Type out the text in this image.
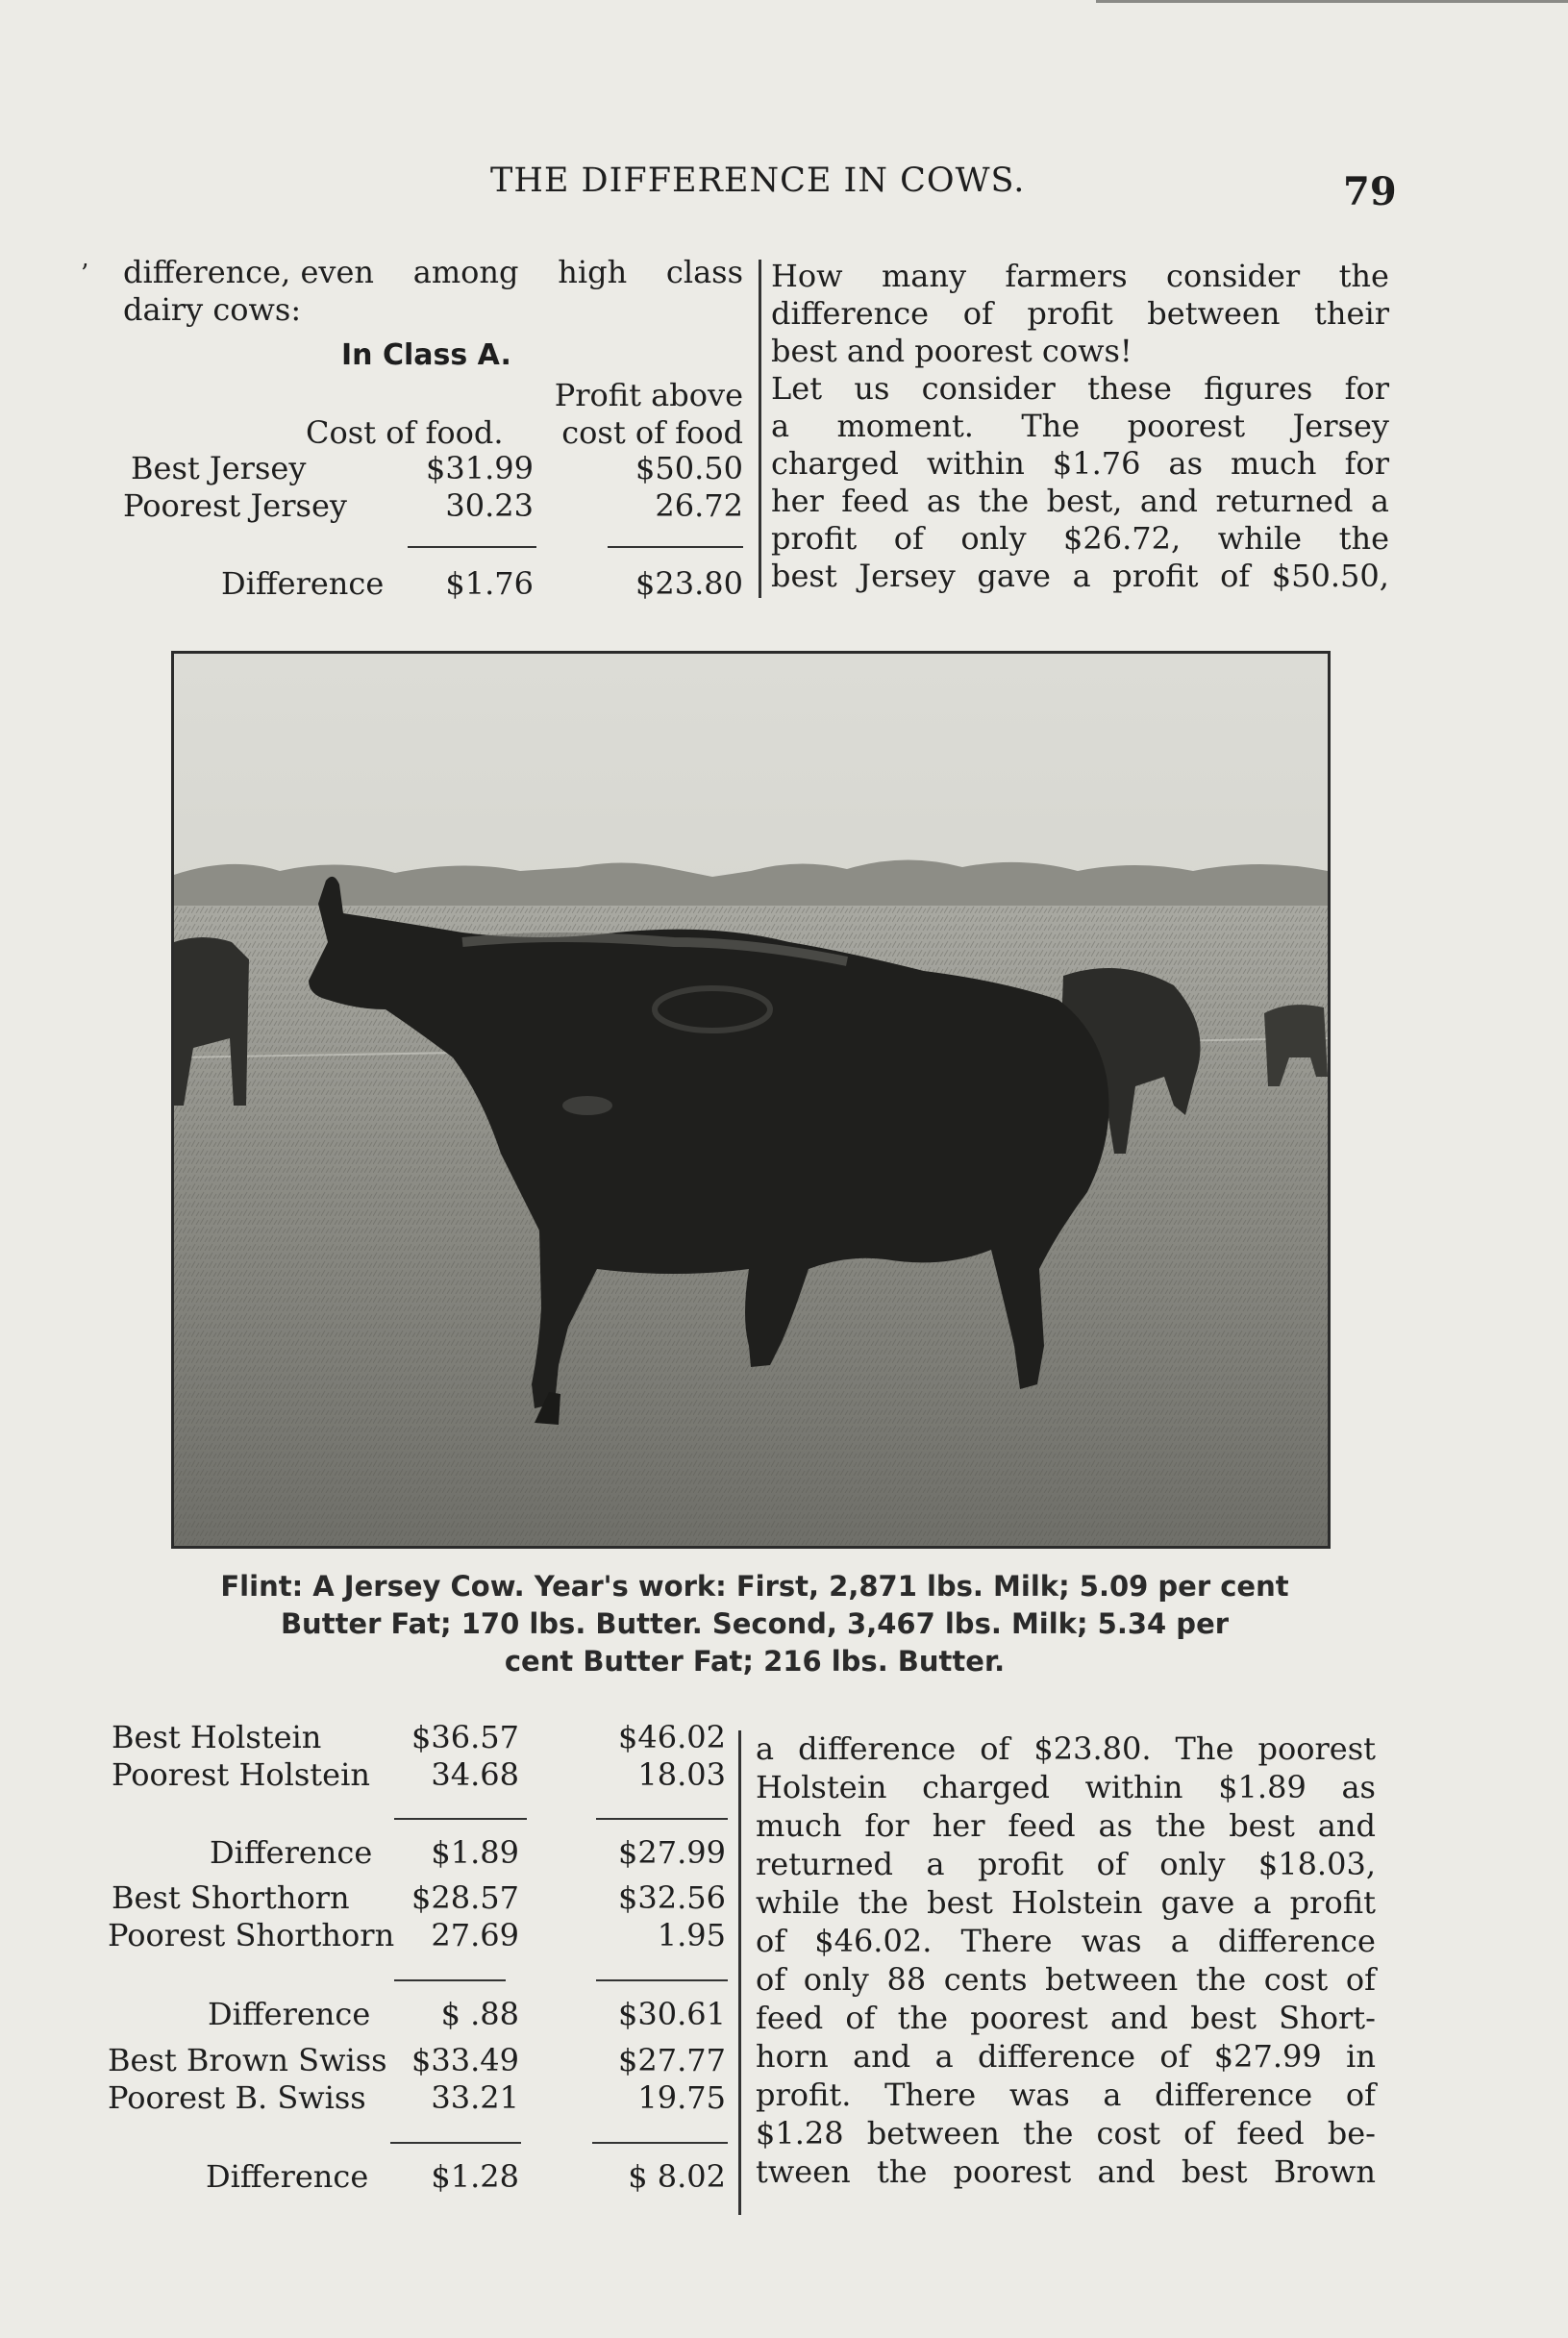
THE DIFFERENCE IN COWS.	79
’ difference, even among high class
dairy cows:
In Class A.
Profit above
Cost of food.	cost of food
Best Jersey	$31.99	$50.50
Poorest Jersey	30.23	26.72
Difference	$1.76	$23.80
How many farmers consider the
difference of profit between their
best and poorest cows!
Let us consider these figures for
a moment. The poorest Jersey
charged within $1.76 as much for
her feed as the best, and returned a
profit of only $26.72, while the
best Jersey gave a profit of $50.50,
Flint: A Jersey Cow. Year's work: First, 2,871 lbs. Milk; 5.09 per cent
Butter Fat; 170 lbs. Butter. Second, 3,467 lbs. Milk; 5.34 per
cent Butter Fat; 216 lbs. Butter.
Best Holstein	$36.57	$46.02
Poorest Holstein	34.68	18.03
Difference	$1.89	$27.99
Best Shorthorn	$28.57	$32.56
Poorest Shorthorn	27.69	1.95
Difference	$ .88	$30.61
Best Brown Swiss $33.49	$27.77
Poorest B. Swiss	33.21	19.75
Difference	$1.28	$ 8.02
a difference of $23.80. The poorest
Holstein charged within $1.89 as
much for her feed as the best and
returned a profit of only $18.03,
while the best Holstein gave a profit
of $46.02. There was a difference
of only 88 cents between the cost of
feed of the poorest and best Short-
horn and a difference of $27.99 in
profit. There was a difference of
$1.28 between the cost of feed be-
tween the poorest and best Brown
